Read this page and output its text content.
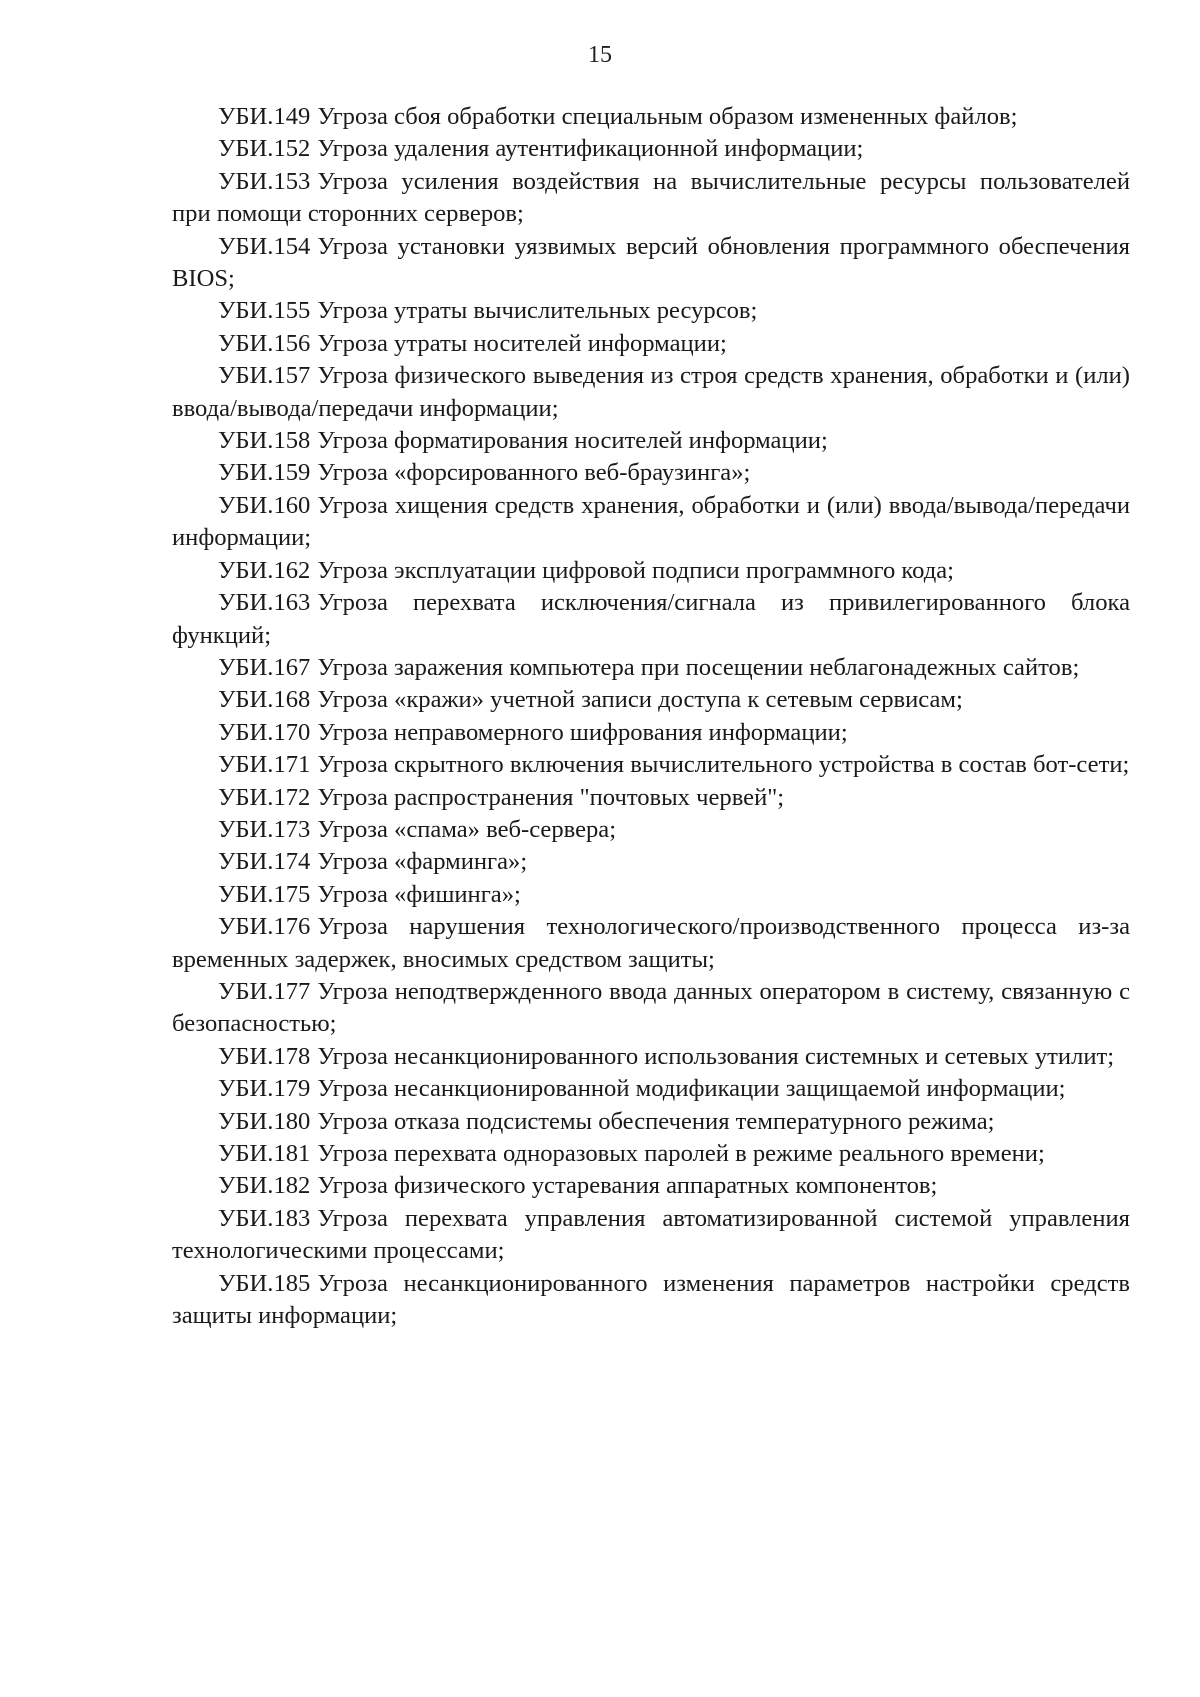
15

УБИ.149 Угроза сбоя обработки специальным образом измененных файлов;

УБИ.152 Угроза удаления аутентификационной информации;

УБИ.153 Угроза усиления воздействия на вычислительные ресурсы пользователей при помощи сторонних серверов;

УБИ.154 Угроза установки уязвимых версий обновления программного обеспечения BIOS;

УБИ.155 Угроза утраты вычислительных ресурсов;

УБИ.156 Угроза утраты носителей информации;

УБИ.157 Угроза физического выведения из строя средств хранения, обработки и (или) ввода/вывода/передачи информации;

УБИ.158 Угроза форматирования носителей информации;

УБИ.159 Угроза «форсированного веб-браузинга»;

УБИ.160 Угроза хищения средств хранения, обработки и (или) ввода/вывода/передачи информации;

УБИ.162 Угроза эксплуатации цифровой подписи программного кода;

УБИ.163 Угроза перехвата исключения/сигнала из привилегированного блока функций;

УБИ.167 Угроза заражения компьютера при посещении неблагонадежных сайтов;

УБИ.168 Угроза «кражи» учетной записи доступа к сетевым сервисам;

УБИ.170 Угроза неправомерного шифрования информации;

УБИ.171 Угроза скрытного включения вычислительного устройства в состав бот-сети;

УБИ.172 Угроза распространения "почтовых червей";

УБИ.173 Угроза «спама» веб-сервера;

УБИ.174 Угроза «фарминга»;

УБИ.175 Угроза «фишинга»;

УБИ.176 Угроза нарушения технологического/производственного процесса из-за временных задержек, вносимых средством защиты;

УБИ.177 Угроза неподтвержденного ввода данных оператором в систему, связанную с безопасностью;

УБИ.178 Угроза несанкционированного использования системных и сетевых утилит;

УБИ.179 Угроза несанкционированной модификации защищаемой информации;

УБИ.180 Угроза отказа подсистемы обеспечения температурного режима;

УБИ.181 Угроза перехвата одноразовых паролей в режиме реального времени;

УБИ.182 Угроза физического устаревания аппаратных компонентов;

УБИ.183 Угроза перехвата управления автоматизированной системой управления технологическими процессами;

УБИ.185 Угроза несанкционированного изменения параметров настройки средств защиты информации;
